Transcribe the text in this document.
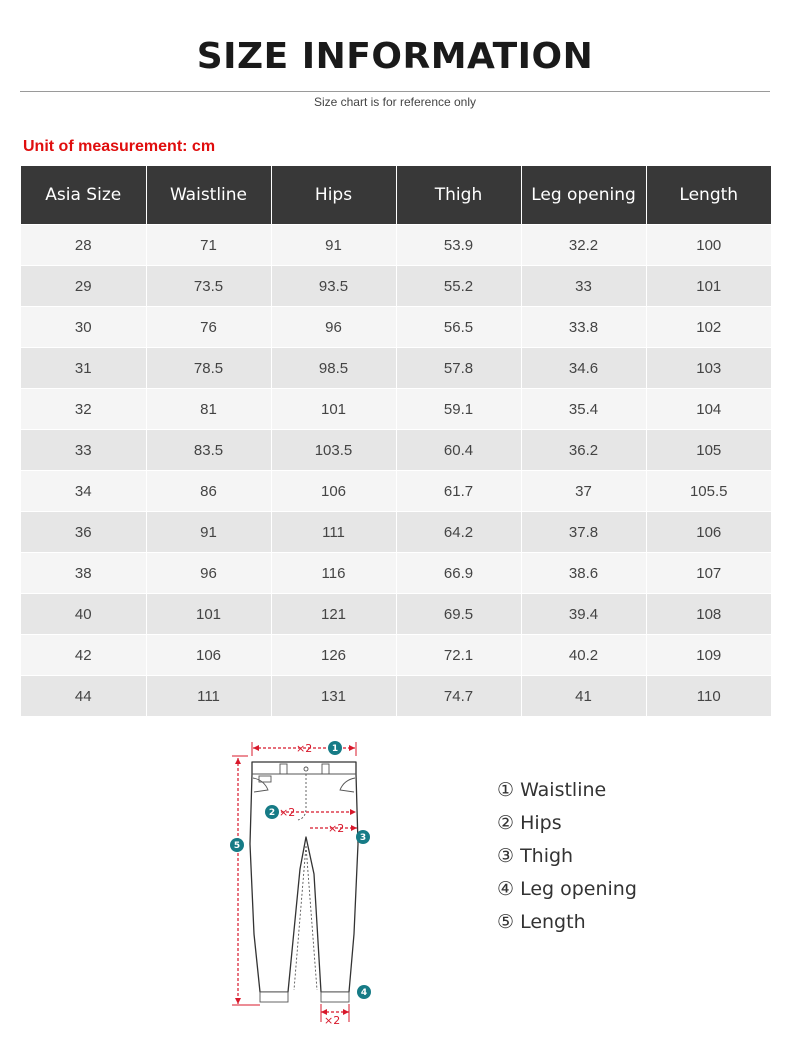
SIZE INFORMATION
Size chart is for reference only
Unit of measurement: cm
Asia Size	Waistline	Hips	Thigh	Leg opening	Length
28	71	91	53.9	32.2	100
29	73.5	93.5	55.2	33	101
30	76	96	56.5	33.8	102
31	78.5	98.5	57.8	34.6	103
32	81	101	59.1	35.4	104
33	83.5	103.5	60.4	36.2	105
34	86	106	61.7	37	105.5
36	91	111	64.2	37.8	106
38	96	116	66.9	38.6	107
40	101	121	69.5	39.4	108
42	106	126	72.1	40.2	109
44	111	131	74.7	41	110
×2
×2
×2
×2
1
2
3
4
5
① Waistline
② Hips
③ Thigh
④ Leg opening
⑤ Length
